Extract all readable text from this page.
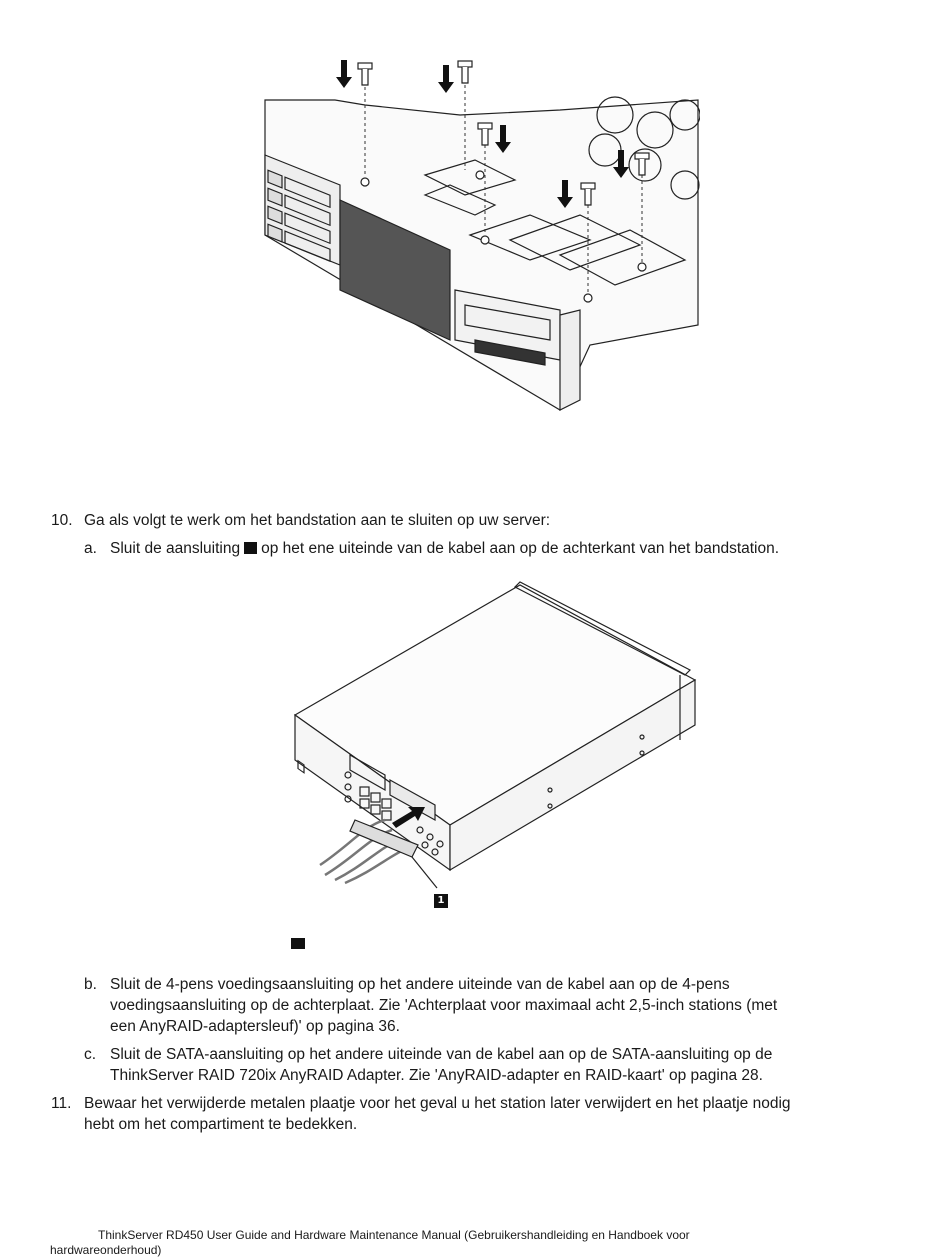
10. Ga als volgt te werk om het bandstation aan te sluiten op uw server:
a. Sluit de aansluiting op het ene uiteinde van de kabel aan op de achterkant van het bandstation.
1
b. Sluit de 4-pens voedingsaansluiting op het andere uiteinde van de kabel aan op de 4-pens
voedingsaansluiting op de achterplaat. Zie 'Achterplaat voor maximaal acht 2,5-inch stations (met
een AnyRAID-adaptersleuf)' op pagina 36.
c. Sluit de SATA-aansluiting op het andere uiteinde van de kabel aan op de SATA-aansluiting op de
ThinkServer RAID 720ix AnyRAID Adapter. Zie 'AnyRAID-adapter en RAID-kaart' op pagina 28.
11. Bewaar het verwijderde metalen plaatje voor het geval u het station later verwijdert en het plaatje nodig
hebt om het compartiment te bedekken.
ThinkServer RD450 User Guide and Hardware Maintenance Manual (Gebruikershandleiding en Handboek voor
hardwareonderhoud)
